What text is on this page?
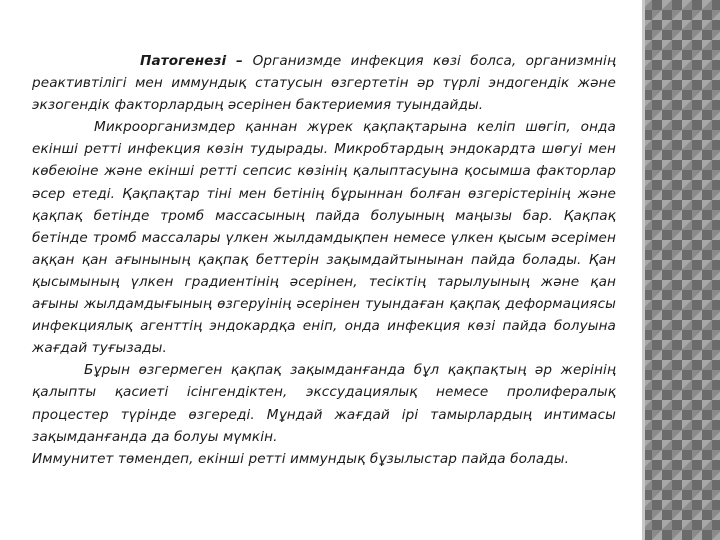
Патогенезі – Организмде инфекция көзі болса, организмнің реактивтілігі мен иммундық статусын өзгертетін әр түрлі эндогендік және экзогендік факторлардың әсерінен бактериемия туындайды.

Микроорганизмдер қаннан жүрек қақпақтарына келіп шөгіп, онда екінші ретті инфекция көзін тудырады. Микробтардың эндокардта шөгуі мен көбеюіне және екінші ретті сепсис көзінің қалыптасуына қосымша факторлар әсер етеді. Қақпақтар тіні мен бетінің бұрыннан болған өзгерістерінің және қақпақ бетінде тромб массасының пайда болуының маңызы бар. Қақпақ бетінде тромб массалары үлкен жылдамдықпен немесе үлкен қысым әсерімен аққан қан ағынының қақпақ беттерін зақымдайтынынан пайда болады. Қан қысымының үлкен градиентінің әсерінен, тесіктің тарылуының және қан ағыны жылдамдығының өзгеруінің әсерінен туындаған қақпақ деформациясы инфекциялық агенттің эндокардқа еніп, онда инфекция көзі пайда болуына жағдай туғызады.

Бұрын өзгермеген қақпақ зақымданғанда бұл қақпақтың әр жерінің қалыпты қасиеті ісінгендіктен, экссудациялық немесе пролифералық процестер түрінде өзгереді. Мұндай жағдай ірі тамырлардың интимасы зақымданғанда да болуы мүмкін.

Иммунитет төмендеп, екінші ретті иммундық бұзылыстар пайда болады.
